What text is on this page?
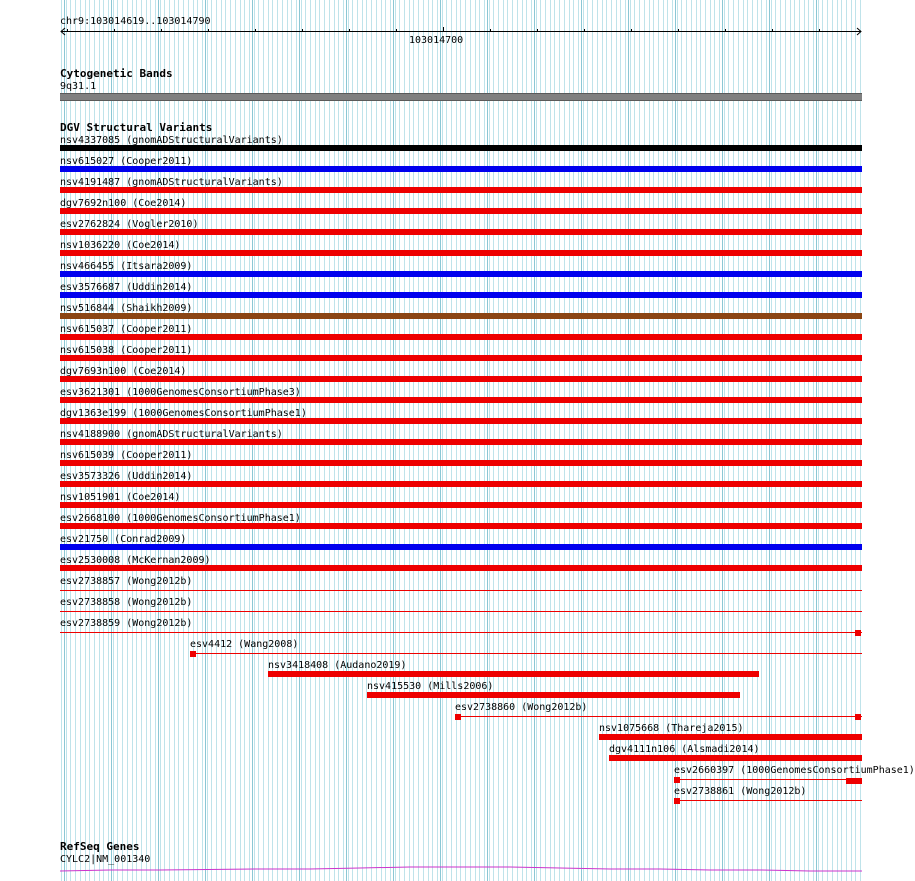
chr9:103014619..103014790
103014700
Cytogenetic Bands
9q31.1
DGV Structural Variants
nsv4337085 (gnomADStructuralVariants)
nsv615027 (Cooper2011)
nsv4191487 (gnomADStructuralVariants)
dgv7692n100 (Coe2014)
esv2762824 (Vogler2010)
nsv1036220 (Coe2014)
nsv466455 (Itsara2009)
esv3576687 (Uddin2014)
nsv516844 (Shaikh2009)
nsv615037 (Cooper2011)
nsv615038 (Cooper2011)
dgv7693n100 (Coe2014)
esv3621301 (1000GenomesConsortiumPhase3)
dgv1363e199 (1000GenomesConsortiumPhase1)
nsv4188900 (gnomADStructuralVariants)
nsv615039 (Cooper2011)
esv3573326 (Uddin2014)
nsv1051901 (Coe2014)
esv2668100 (1000GenomesConsortiumPhase1)
esv21750 (Conrad2009)
esv2530008 (McKernan2009)
esv2738857 (Wong2012b)
esv2738858 (Wong2012b)
esv2738859 (Wong2012b)
esv4412 (Wang2008)
nsv3418408 (Audano2019)
nsv415530 (Mills2006)
esv2738860 (Wong2012b)
nsv1075668 (Thareja2015)
dgv4111n106 (Alsmadi2014)
esv2660397 (1000GenomesConsortiumPhase1)
esv2738861 (Wong2012b)
RefSeq Genes
CYLC2|NM_001340
